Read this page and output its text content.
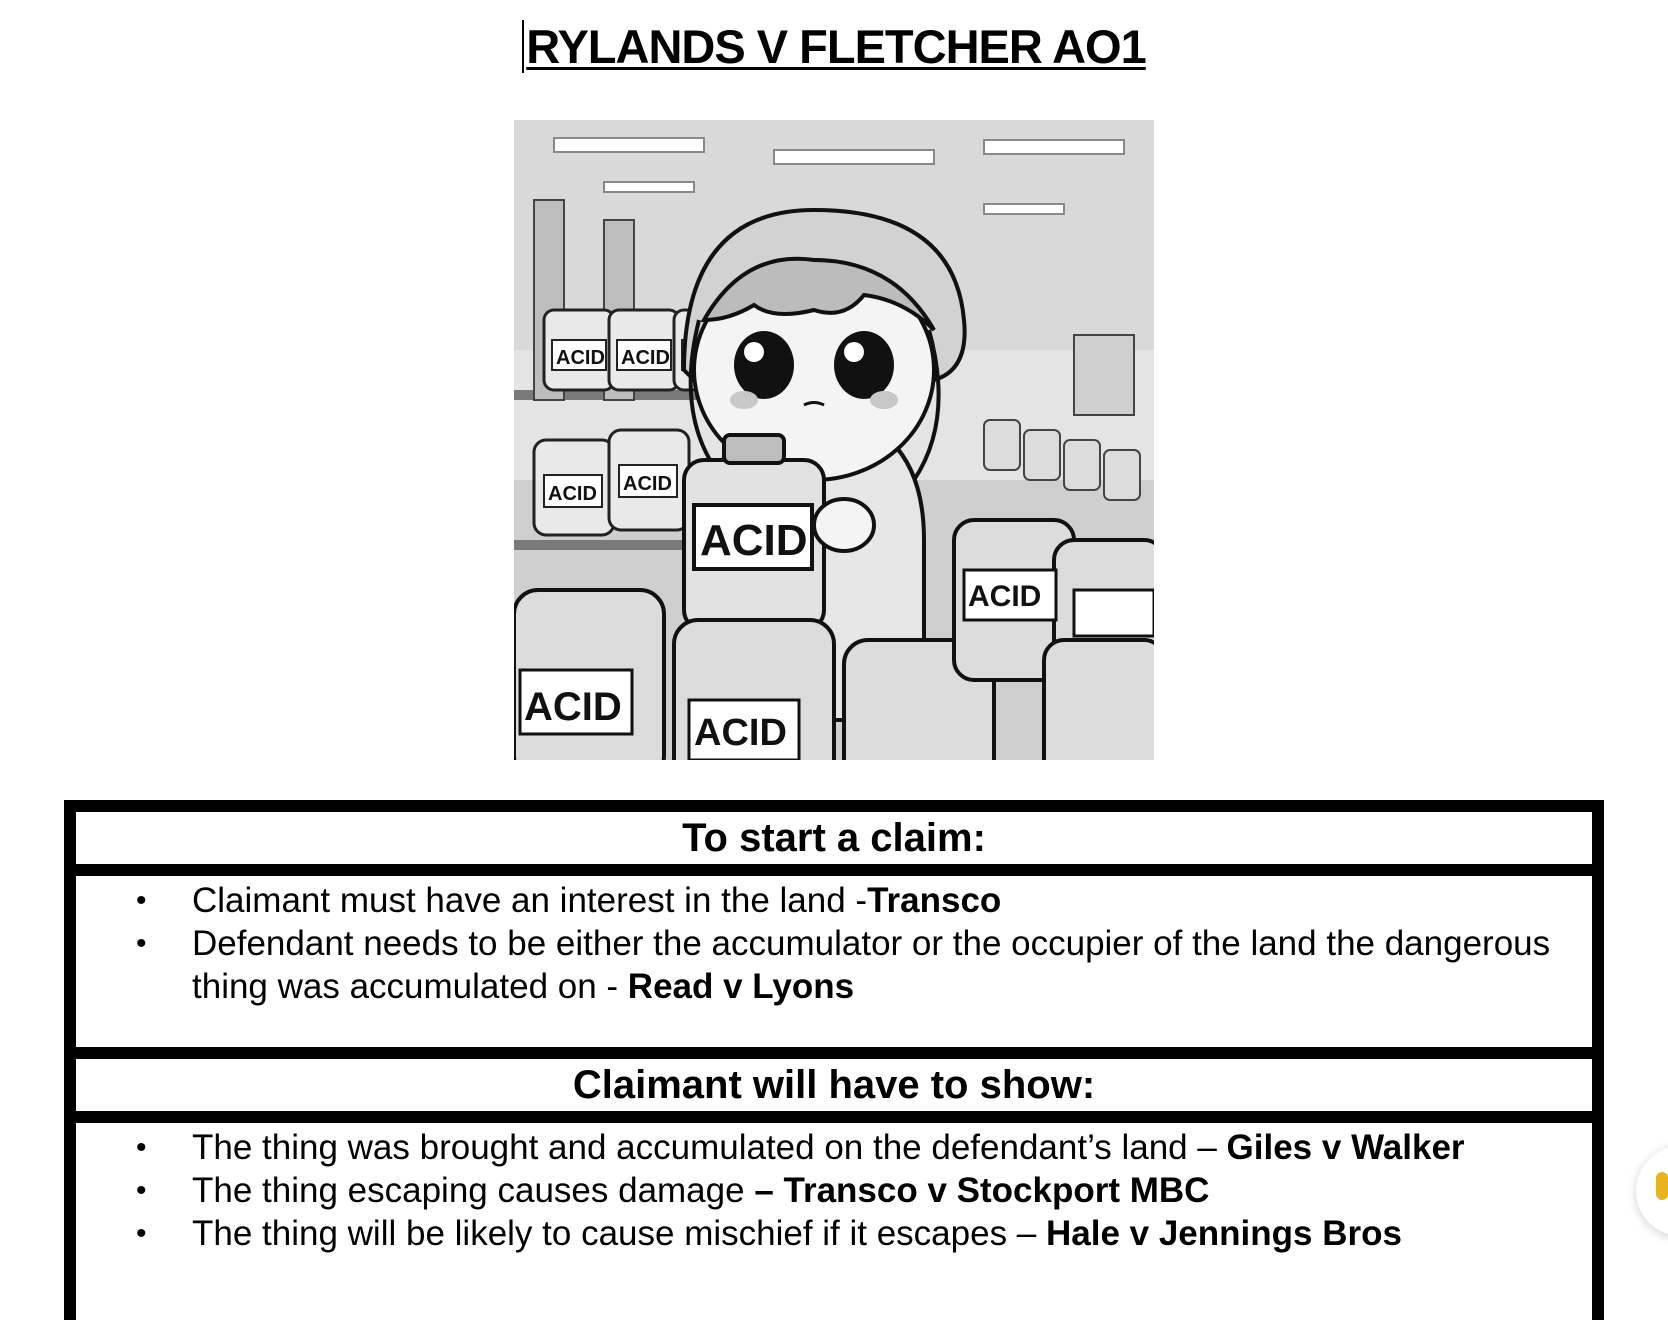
RYLANDS V FLETCHER AO1
ACID ACID
ACID ACID
ACID
ACID
ACID
ACID
To start a claim:
• Claimant must have an interest in the land -Transco
• Defendant needs to be either the accumulator or the occupier of the land the dangerous thing was accumulated on - Read v Lyons
Claimant will have to show:
• The thing was brought and accumulated on the defendant’s land – Giles v Walker
• The thing escaping causes damage – Transco v Stockport MBC
• The thing will be likely to cause mischief if it escapes – Hale v Jennings Bros
